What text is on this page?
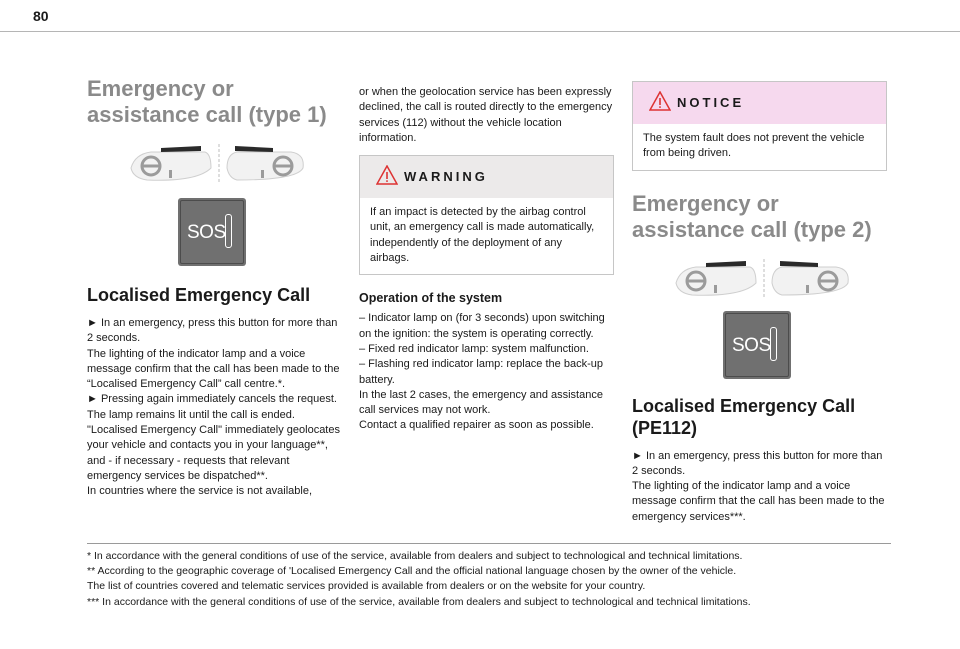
80
Emergency or assistance call (type 1)
SOS
Localised Emergency Call

► In an emergency, press this button for more than 2 seconds.
The lighting of the indicator lamp and a voice message confirm that the call has been made to the “Localised Emergency Call” call centre.*.
► Pressing again immediately cancels the request.
The lamp remains lit until the call is ended.
"Localised Emergency Call" immediately geolocates your vehicle and contacts you in your language**, and - if necessary - requests that relevant emergency services be dispatched**.
In countries where the service is not available,

or when the geolocation service has been expressly declined, the call is routed directly to the emergency services (112) without the vehicle location information.

WARNING

If an impact is detected by the airbag control unit, an emergency call is made automatically, independently of the deployment of any airbags.

Operation of the system

– Indicator lamp on (for 3 seconds) upon switching on the ignition: the system is operating correctly.
– Fixed red indicator lamp: system malfunction.
– Flashing red indicator lamp: replace the back-up battery.
In the last 2 cases, the emergency and assistance call services may not work.
Contact a qualified repairer as soon as possible.

NOTICE

The system fault does not prevent the vehicle from being driven.

Emergency or assistance call (type 2)
SOS
Localised Emergency Call (PE112)

► In an emergency, press this button for more than 2 seconds.
The lighting of the indicator lamp and a voice message confirm that the call has been made to the emergency services***.

* In accordance with the general conditions of use of the service, available from dealers and subject to technological and technical limitations.

** According to the geographic coverage of 'Localised Emergency Call and the official national language chosen by the owner of the vehicle.
The list of countries covered and telematic services provided is available from dealers or on the website for your country.

*** In accordance with the general conditions of use of the service, available from dealers and subject to technological and technical limitations.
